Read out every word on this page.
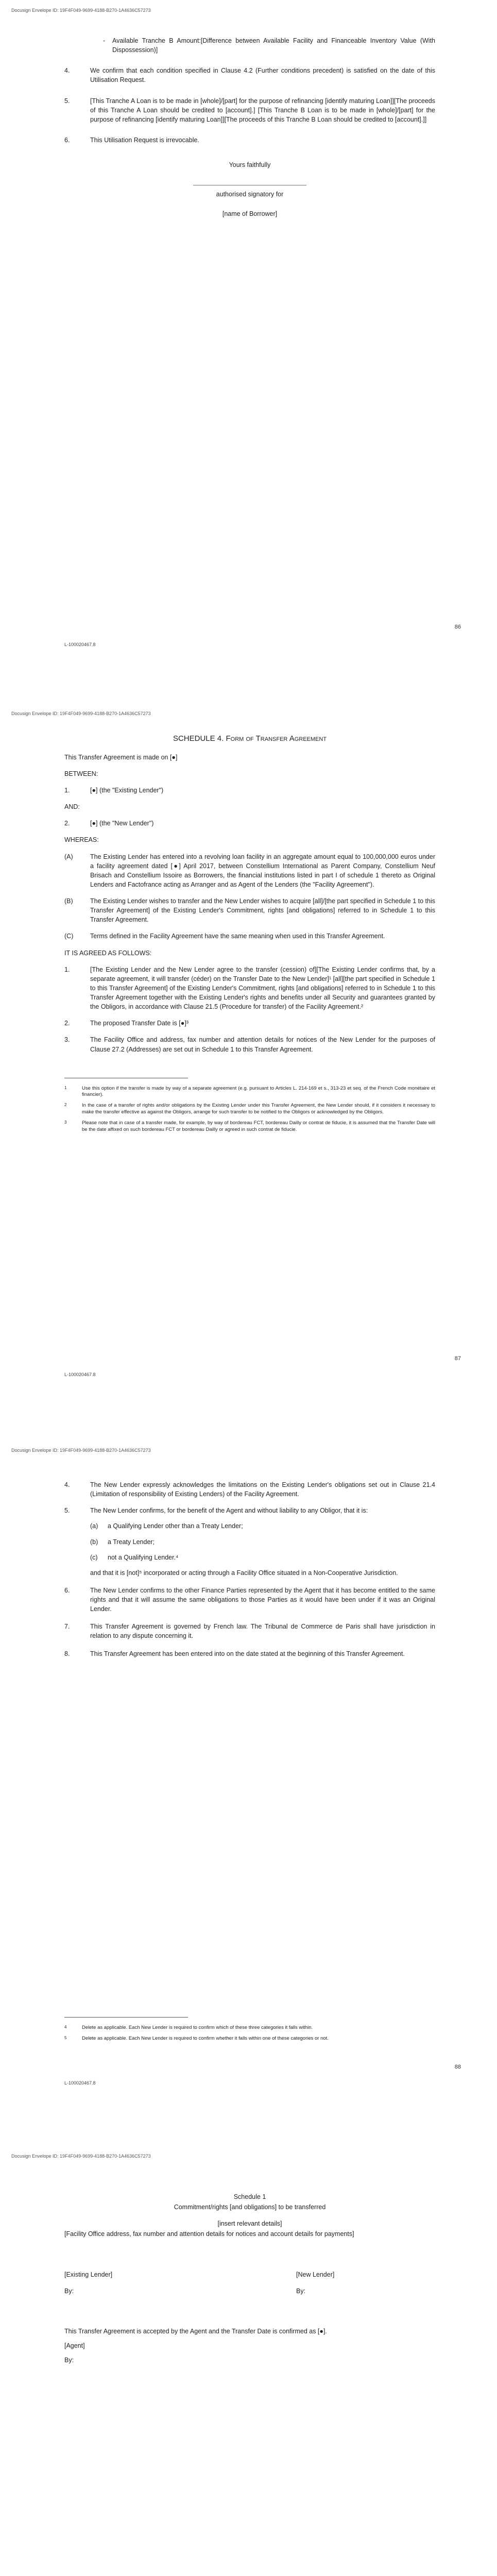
Docusign Envelope ID: 19F4F049-9699-4188-B270-1A4636C57273
-	Available Tranche B Amount:[Difference between Available Facility and Financeable Inventory Value (With Dispossession)]
4.	We confirm that each condition specified in Clause 4.2 (Further conditions precedent) is satisfied on the date of this Utilisation Request.
5.	[This Tranche A Loan is to be made in [whole]/[part] for the purpose of refinancing [identify maturing Loan]][The proceeds of this Tranche A Loan should be credited to [account].] [This Tranche B Loan is to be made in [whole]/[part] for the purpose of refinancing [identify maturing Loan]][The proceeds of this Tranche B Loan should be credited to [account].]]
6.	This Utilisation Request is irrevocable.
Yours faithfully
authorised signatory for
[name of Borrower]
86
L-100020467.8
Docusign Envelope ID: 19F4F049-9699-4188-B270-1A4636C57273
SCHEDULE 4. Form of Transfer Agreement
This Transfer Agreement is made on [●]
BETWEEN:
1.	[●] (the "Existing Lender")
AND:
2.	[●] (the "New Lender")
WHEREAS:
(A)	The Existing Lender has entered into a revolving loan facility in an aggregate amount equal to 100,000,000 euros under a facility agreement dated [●] April 2017, between Constellium International as Parent Company, Constellium Neuf Brisach and Constellium Issoire as Borrowers, the financial institutions listed in part I of schedule 1 thereto as Original Lenders and Factofrance acting as Arranger and as Agent of the Lenders (the "Facility Agreement").
(B)	The Existing Lender wishes to transfer and the New Lender wishes to acquire [all]/[the part specified in Schedule 1 to this Transfer Agreement] of the Existing Lender's Commitment, rights [and obligations] referred to in Schedule 1 to this Transfer Agreement.
(C)	Terms defined in the Facility Agreement have the same meaning when used in this Transfer Agreement.
IT IS AGREED AS FOLLOWS:
1.	[The Existing Lender and the New Lender agree to the transfer (cession) of][The Existing Lender confirms that, by a separate agreement, it will transfer (céder) on the Transfer Date to the New Lender]¹ [all][the part specified in Schedule 1 to this Transfer Agreement] of the Existing Lender's Commitment, rights [and obligations] referred to in Schedule 1 to this Transfer Agreement together with the Existing Lender's rights and benefits under all Security and guarantees granted by the Obligors, in accordance with Clause 21.5 (Procedure for transfer) of the Facility Agreement.²
2.	The proposed Transfer Date is [●]³
3.	The Facility Office and address, fax number and attention details for notices of the New Lender for the purposes of Clause 27.2 (Addresses) are set out in Schedule 1 to this Transfer Agreement.
1	Use this option if the transfer is made by way of a separate agreement (e.g. pursuant to Articles L. 214-169 et s., 313-23 et seq. of the French Code monétaire et financier).
2	In the case of a transfer of rights and/or obligations by the Existing Lender under this Transfer Agreement, the New Lender should, if it considers it necessary to make the transfer effective as against the Obligors, arrange for such transfer to be notified to the Obligors or acknowledged by the Obligors.
3	Please note that in case of a transfer made, for example, by way of bordereau FCT, bordereau Dailly or contrat de fiducie, it is assumed that the Transfer Date will be the date affixed on such bordereau FCT or bordereau Dailly or agreed in such contrat de fiducie.
87
L-100020467.8
Docusign Envelope ID: 19F4F049-9699-4188-B270-1A4636C57273
4.	The New Lender expressly acknowledges the limitations on the Existing Lender's obligations set out in Clause 21.4 (Limitation of responsibility of Existing Lenders) of the Facility Agreement.
5.	The New Lender confirms, for the benefit of the Agent and without liability to any Obligor, that it is:
(a)	a Qualifying Lender other than a Treaty Lender;
(b)	a Treaty Lender;
(c)	not a Qualifying Lender.⁴
and that it is [not]⁵ incorporated or acting through a Facility Office situated in a Non-Cooperative Jurisdiction.
6.	The New Lender confirms to the other Finance Parties represented by the Agent that it has become entitled to the same rights and that it will assume the same obligations to those Parties as it would have been under if it was an Original Lender.
7.	This Transfer Agreement is governed by French law. The Tribunal de Commerce de Paris shall have jurisdiction in relation to any dispute concerning it.
8.	This Transfer Agreement has been entered into on the date stated at the beginning of this Transfer Agreement.
4	Delete as applicable. Each New Lender is required to confirm which of these three categories it falls within.
5	Delete as applicable. Each New Lender is required to confirm whether it falls within one of these categories or not.
88
L-100020467.8
Docusign Envelope ID: 19F4F049-9699-4188-B270-1A4636C57273
Schedule 1
Commitment/rights [and obligations] to be transferred
[insert relevant details]
[Facility Office address, fax number and attention details for notices and account details for payments]
[Existing Lender]	[New Lender]
By:	By:
This Transfer Agreement is accepted by the Agent and the Transfer Date is confirmed as [●].
[Agent]
By:
